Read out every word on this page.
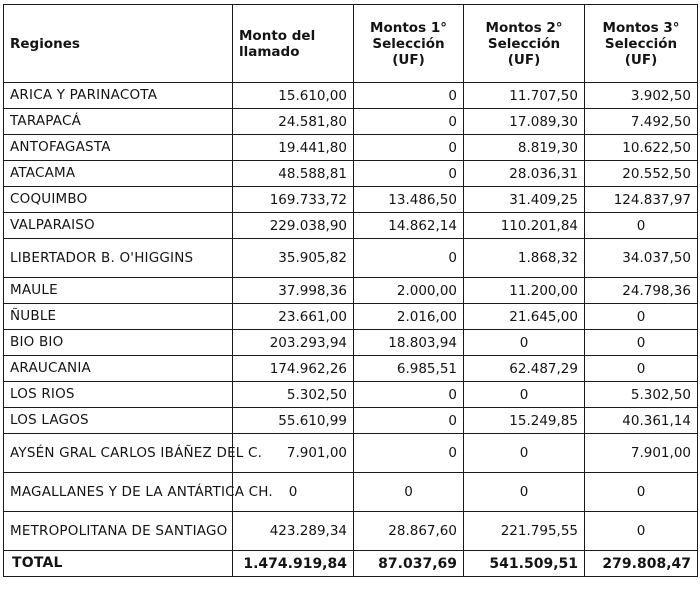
Regiones	Monto del llamado	Montos 1° Selección (UF)	Montos 2° Selección (UF)	Montos 3° Selección (UF)
ARICA Y PARINACOTA	15.610,00	0	11.707,50	3.902,50
TARAPACÁ	24.581,80	0	17.089,30	7.492,50
ANTOFAGASTA	19.441,80	0	8.819,30	10.622,50
ATACAMA	48.588,81	0	28.036,31	20.552,50
COQUIMBO	169.733,72	13.486,50	31.409,25	124.837,97
VALPARAISO	229.038,90	14.862,14	110.201,84	0
LIBERTADOR B. O'HIGGINS	35.905,82	0	1.868,32	34.037,50
MAULE	37.998,36	2.000,00	11.200,00	24.798,36
ÑUBLE	23.661,00	2.016,00	21.645,00	0
BIO BIO	203.293,94	18.803,94	0	0
ARAUCANIA	174.962,26	6.985,51	62.487,29	0
LOS RIOS	5.302,50	0	0	5.302,50
LOS LAGOS	55.610,99	0	15.249,85	40.361,14
AYSÉN GRAL CARLOS IBÁÑEZ DEL C.	7.901,00	0	0	7.901,00
MAGALLANES Y DE LA ANTÁRTICA CH.	0	0	0	0
METROPOLITANA DE SANTIAGO	423.289,34	28.867,60	221.795,55	0
TOTAL	1.474.919,84	87.037,69	541.509,51	279.808,47
